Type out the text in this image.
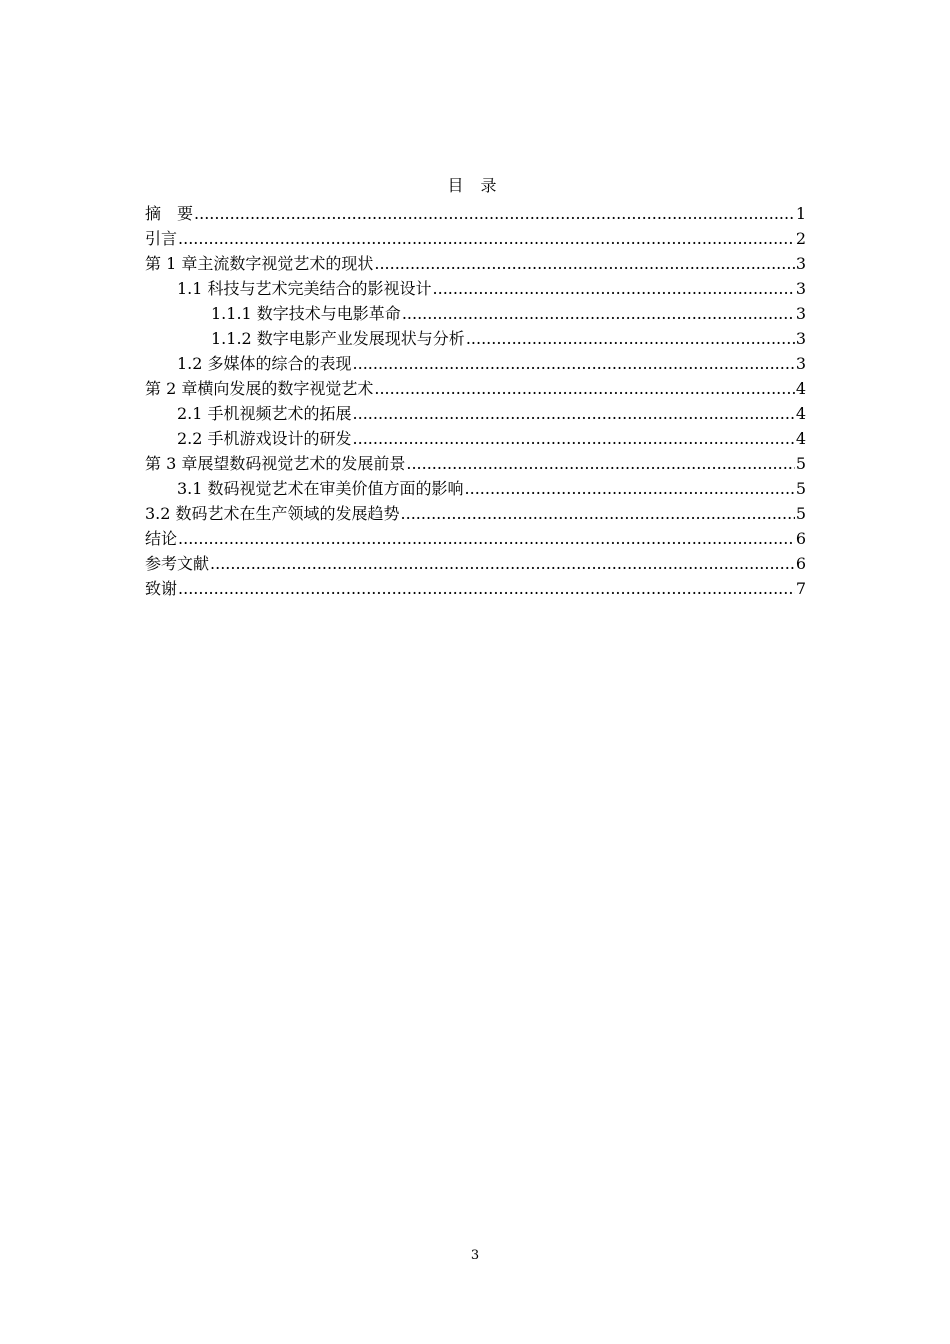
目 录
摘　要 .....	1
引言 .....	2
第 1 章主流数字视觉艺术的现状 .....	3
1.1 科技与艺术完美结合的影视设计 .....	3
1.1.1 数字技术与电影革命 .....	3
1.1.2 数字电影产业发展现状与分析 .....	3
1.2 多媒体的综合的表现 .....	3
第 2 章横向发展的数字视觉艺术 .....	4
2.1 手机视频艺术的拓展 .....	4
2.2 手机游戏设计的研发 .....	4
第 3 章展望数码视觉艺术的发展前景 .....	5
3.1 数码视觉艺术在审美价值方面的影响 .....	5
3.2 数码艺术在生产领域的发展趋势 .....	5
结论 .....	6
参考文献 .....	6
致谢 .....	7
3
